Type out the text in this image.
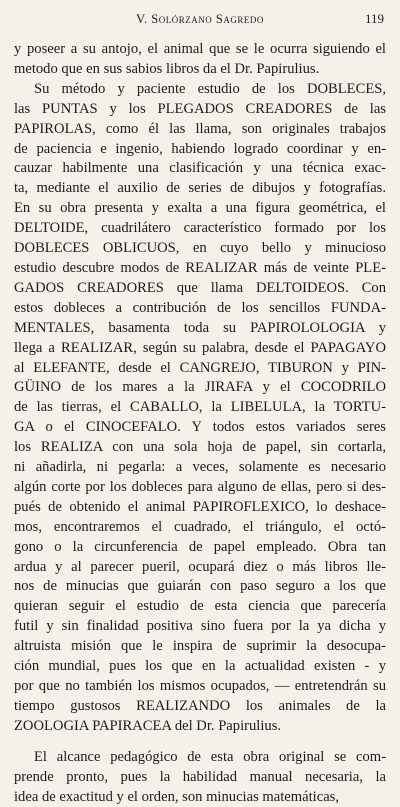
V. Solórzano Sagredo	119
y poseer a su antojo, el animal que se le ocurra siguiendo el
metodo que en sus sabios libros da el Dr. Papirulius.
Su método y paciente estudio de los DOBLECES,
las PUNTAS y los PLEGADOS CREADORES de las
PAPIROLAS, como él las llama, son originales trabajos
de paciencia e ingenio, habiendo logrado coordinar y en-
cauzar habilmente una clasificación y una técnica exac-
ta, mediante el auxilio de series de dibujos y fotografías.
En su obra presenta y exalta a una figura geométrica, el
DELTOIDE, cuadrilátero característico formado por los
DOBLECES OBLICUOS, en cuyo bello y minucioso
estudio descubre modos de REALIZAR más de veinte PLE-
GADOS CREADORES que llama DELTOIDEOS. Con
estos dobleces a contribución de los sencillos FUNDA-
MENTALES, basamenta toda su PAPIROLOLOGIA y
llega a REALIZAR, según su palabra, desde el PAPAGAYO
al ELEFANTE, desde el CANGREJO, TIBURON y PIN-
GÜINO de los mares a la JIRAFA y el COCODRILO
de las tierras, el CABALLO, la LIBELULA, la TORTU-
GA o el CINOCEFALO. Y todos estos variados seres
los REALIZA con una sola hoja de papel, sin cortarla,
ni añadirla, ni pegarla: a veces, solamente es necesario
algún corte por los dobleces para alguno de ellas, pero si des-
pués de obtenido el animal PAPIROFLEXICO, lo deshace-
mos, encontraremos el cuadrado, el triángulo, el octó-
gono o la circunferencia de papel empleado. Obra tan
ardua y al parecer pueril, ocupará diez o más libros lle-
nos de minucias que guiarán con paso seguro a los que
quieran seguir el estudio de esta ciencia que parecería
futil y sin finalidad positiva sino fuera por la ya dicha y
altruista misión que le inspira de suprimir la desocupa-
ción mundial, pues los que en la actualidad existen - y
por que no también los mismos ocupados, — entretendrán su
tiempo gustosos REALIZANDO los animales de la
ZOOLOGIA PAPIRACEA del Dr. Papirulius.
El alcance pedagógico de esta obra original se com-
prende pronto, pues la habilidad manual necesaria, la
idea de exactitud y el orden, son minucias matemáticas,
